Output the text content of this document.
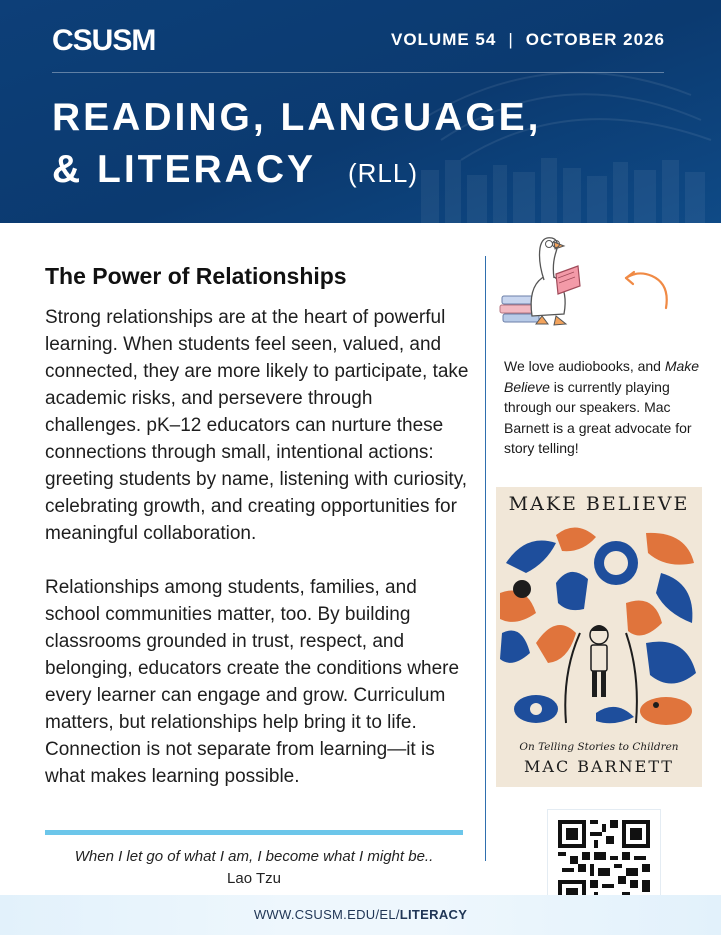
CSUSM	VOLUME 54 | OCTOBER 2026
READING, LANGUAGE,
& LITERACY (RLL)
The Power of Relationships

Strong relationships are at the heart of powerful learning. When students feel seen, valued, and connected, they are more likely to participate, take academic risks, and persevere through challenges. pK–12 educators can nurture these connections through small, intentional actions: greeting students by name, listening with curiosity, celebrating growth, and creating opportunities for meaningful collaboration.

Relationships among students, families, and school communities matter, too. By building classrooms grounded in trust, respect, and belonging, educators create the conditions where every learner can engage and grow. Curriculum matters, but relationships help bring it to life. Connection is not separate from learning—it is what makes learning possible.

When I let go of what I am, I become what I might be..
Lao Tzu
We love audiobooks, and Make Believe is currently playing through our speakers. Mac Barnett is a great advocate for story telling!
MAKE BELIEVE
On Telling Stories to Children
MAC BARNETT
WWW.CSUSM.EDU/EL/LITERACY
